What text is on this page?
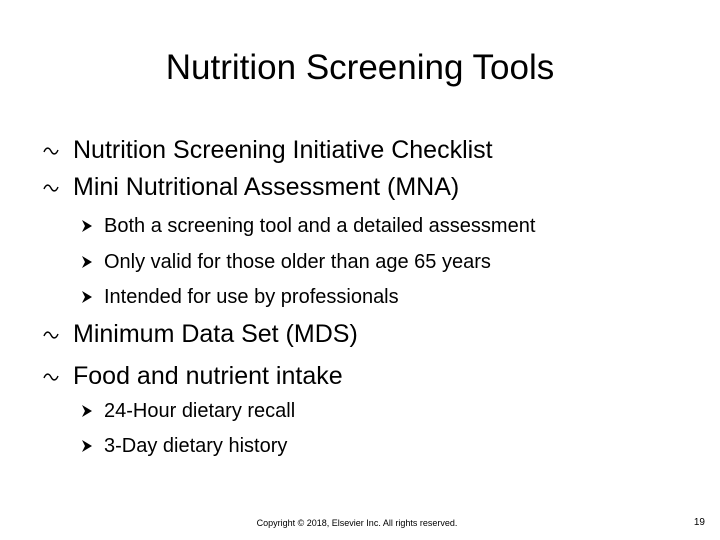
Nutrition Screening Tools
Nutrition Screening Initiative Checklist
Mini Nutritional Assessment (MNA)
Both a screening tool and a detailed assessment
Only valid for those older than age 65 years
Intended for use by professionals
Minimum Data Set (MDS)
Food and nutrient intake
24-Hour dietary recall
3-Day dietary history
Copyright © 2018, Elsevier Inc. All rights reserved.	19
